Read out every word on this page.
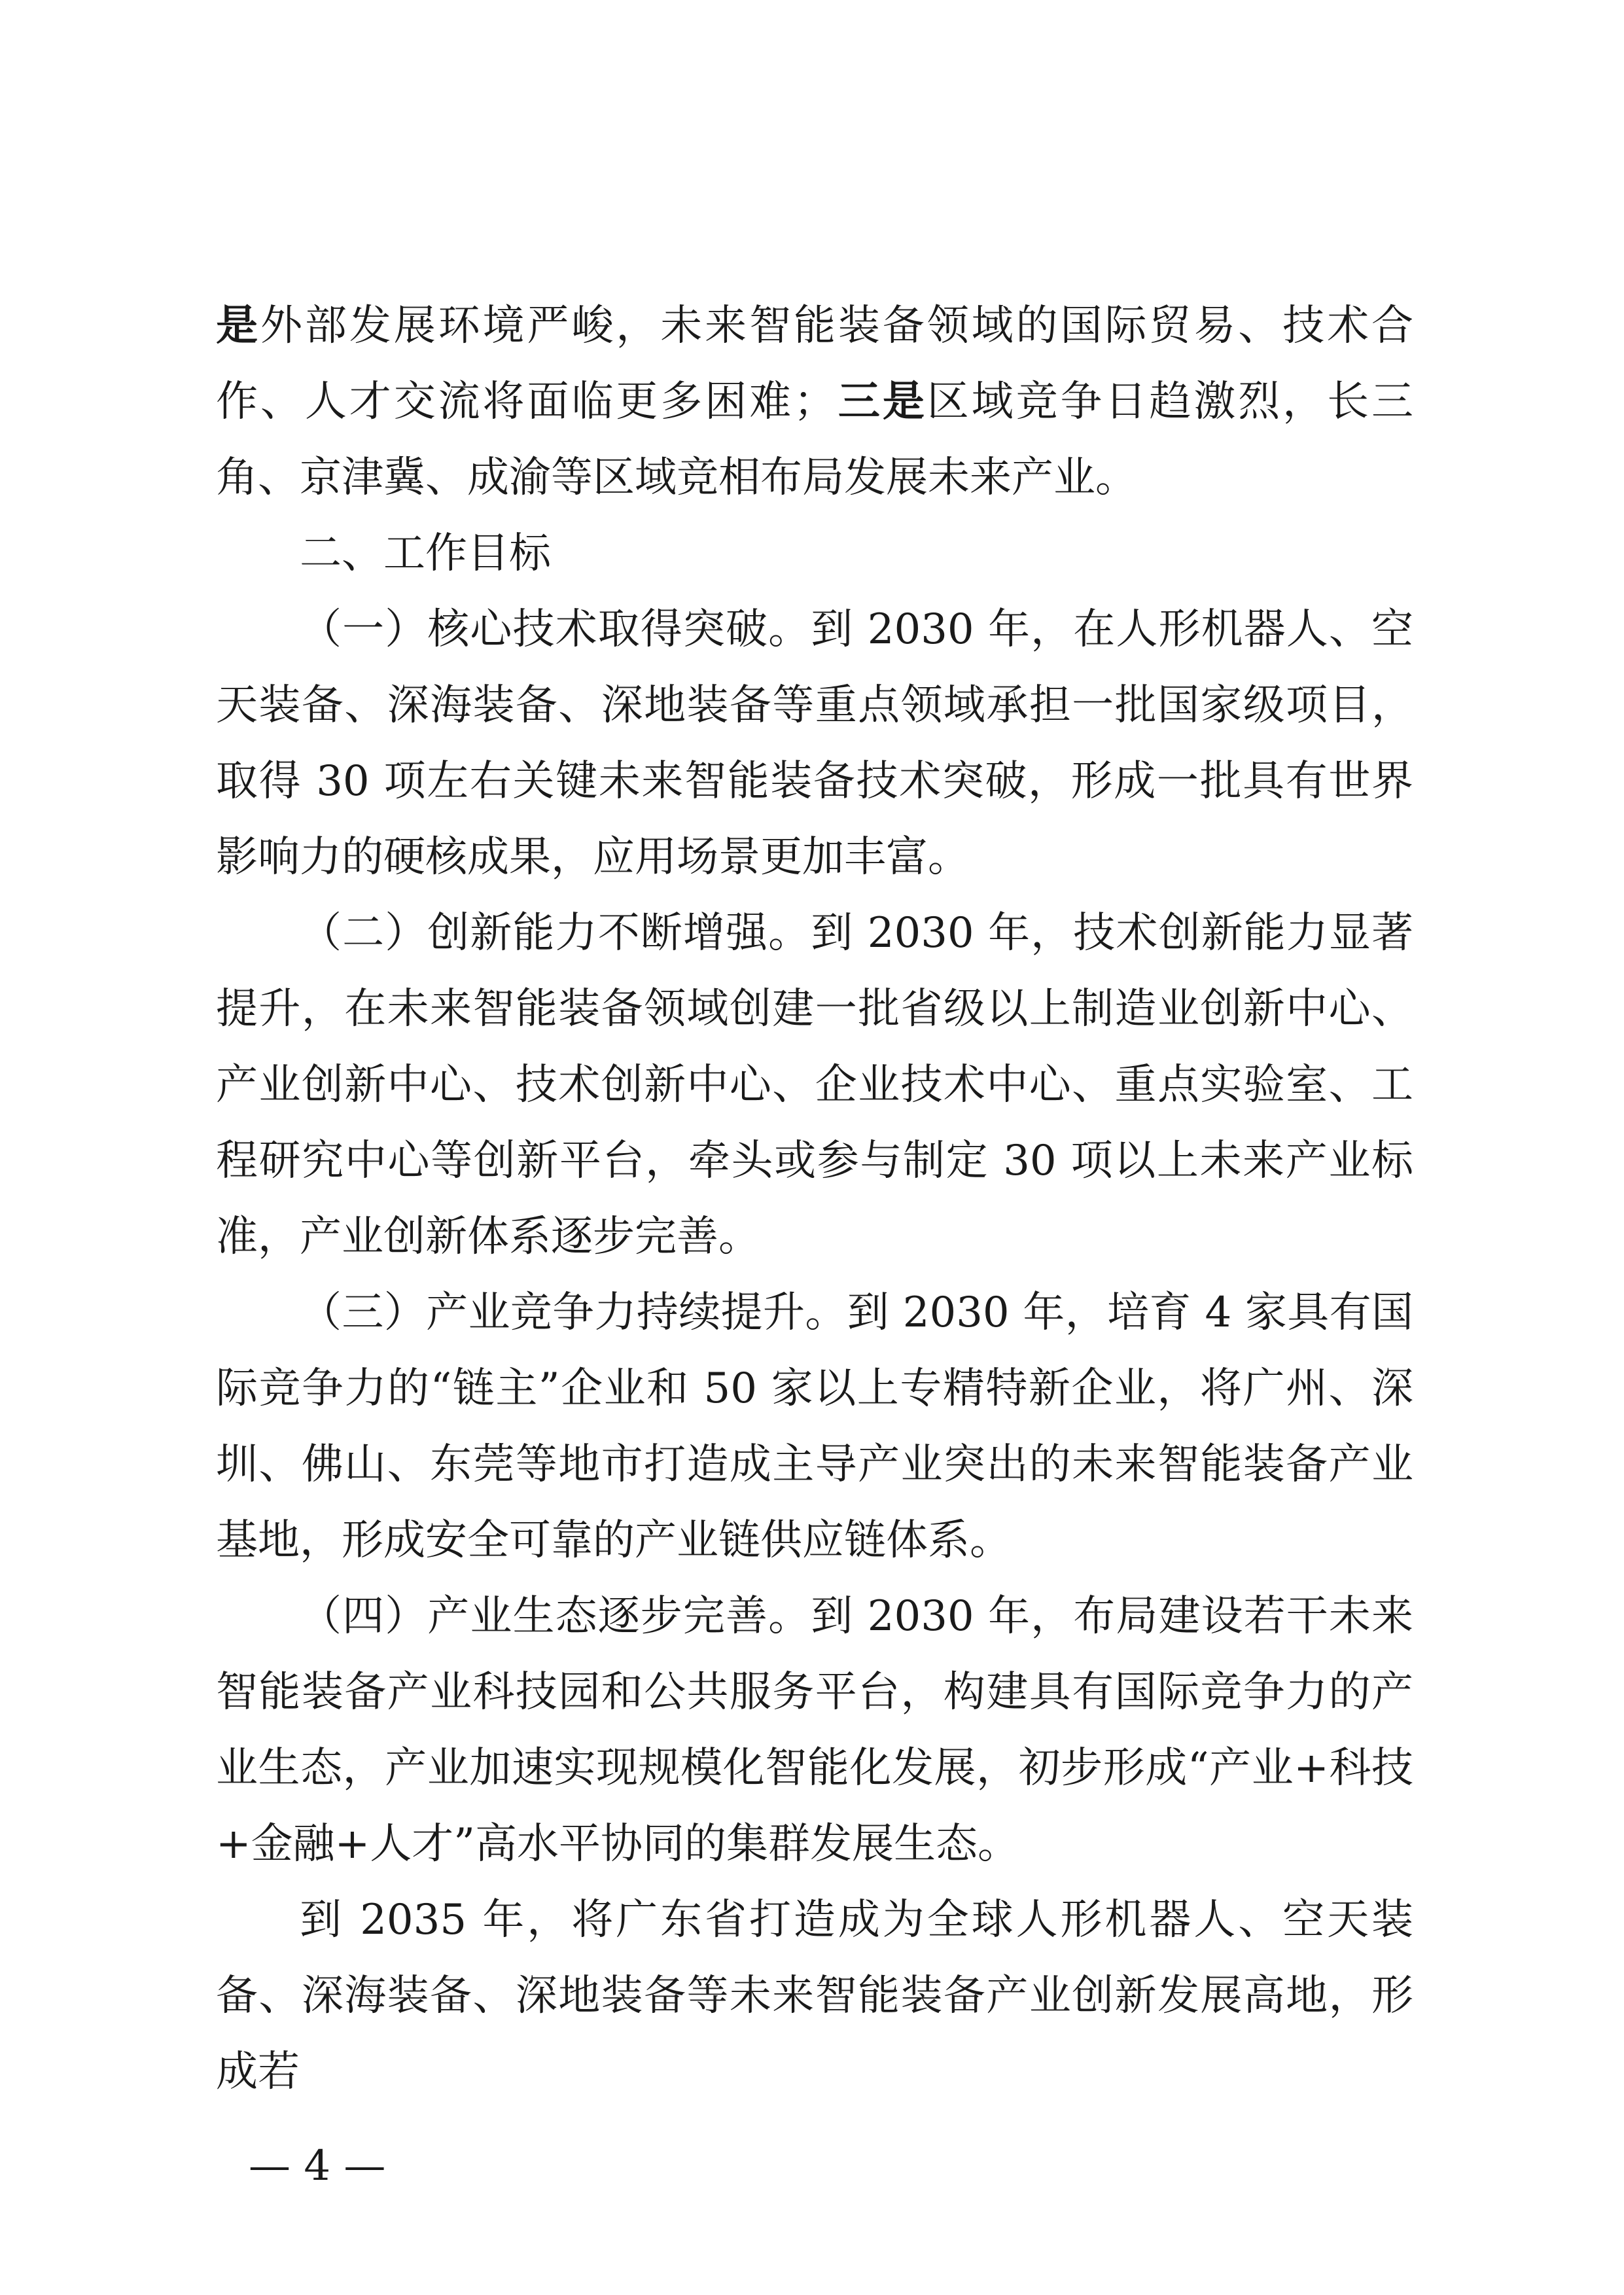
是外部发展环境严峻，未来智能装备领域的国际贸易、技术合作、人才交流将面临更多困难；三是区域竞争日趋激烈，长三角、京津冀、成渝等区域竞相布局发展未来产业。

二、工作目标

（一）核心技术取得突破。到 2030 年，在人形机器人、空天装备、深海装备、深地装备等重点领域承担一批国家级项目，取得 30 项左右关键未来智能装备技术突破，形成一批具有世界影响力的硬核成果，应用场景更加丰富。

（二）创新能力不断增强。到 2030 年，技术创新能力显著提升，在未来智能装备领域创建一批省级以上制造业创新中心、产业创新中心、技术创新中心、企业技术中心、重点实验室、工程研究中心等创新平台，牵头或参与制定 30 项以上未来产业标准，产业创新体系逐步完善。

（三）产业竞争力持续提升。到 2030 年，培育 4 家具有国际竞争力的“链主”企业和 50 家以上专精特新企业，将广州、深圳、佛山、东莞等地市打造成主导产业突出的未来智能装备产业基地，形成安全可靠的产业链供应链体系。

（四）产业生态逐步完善。到 2030 年，布局建设若干未来智能装备产业科技园和公共服务平台，构建具有国际竞争力的产业生态，产业加速实现规模化智能化发展，初步形成“产业+科技+金融+人才”高水平协同的集群发展生态。

到 2035 年，将广东省打造成为全球人形机器人、空天装备、深海装备、深地装备等未来智能装备产业创新发展高地，形成若

— 4 —
